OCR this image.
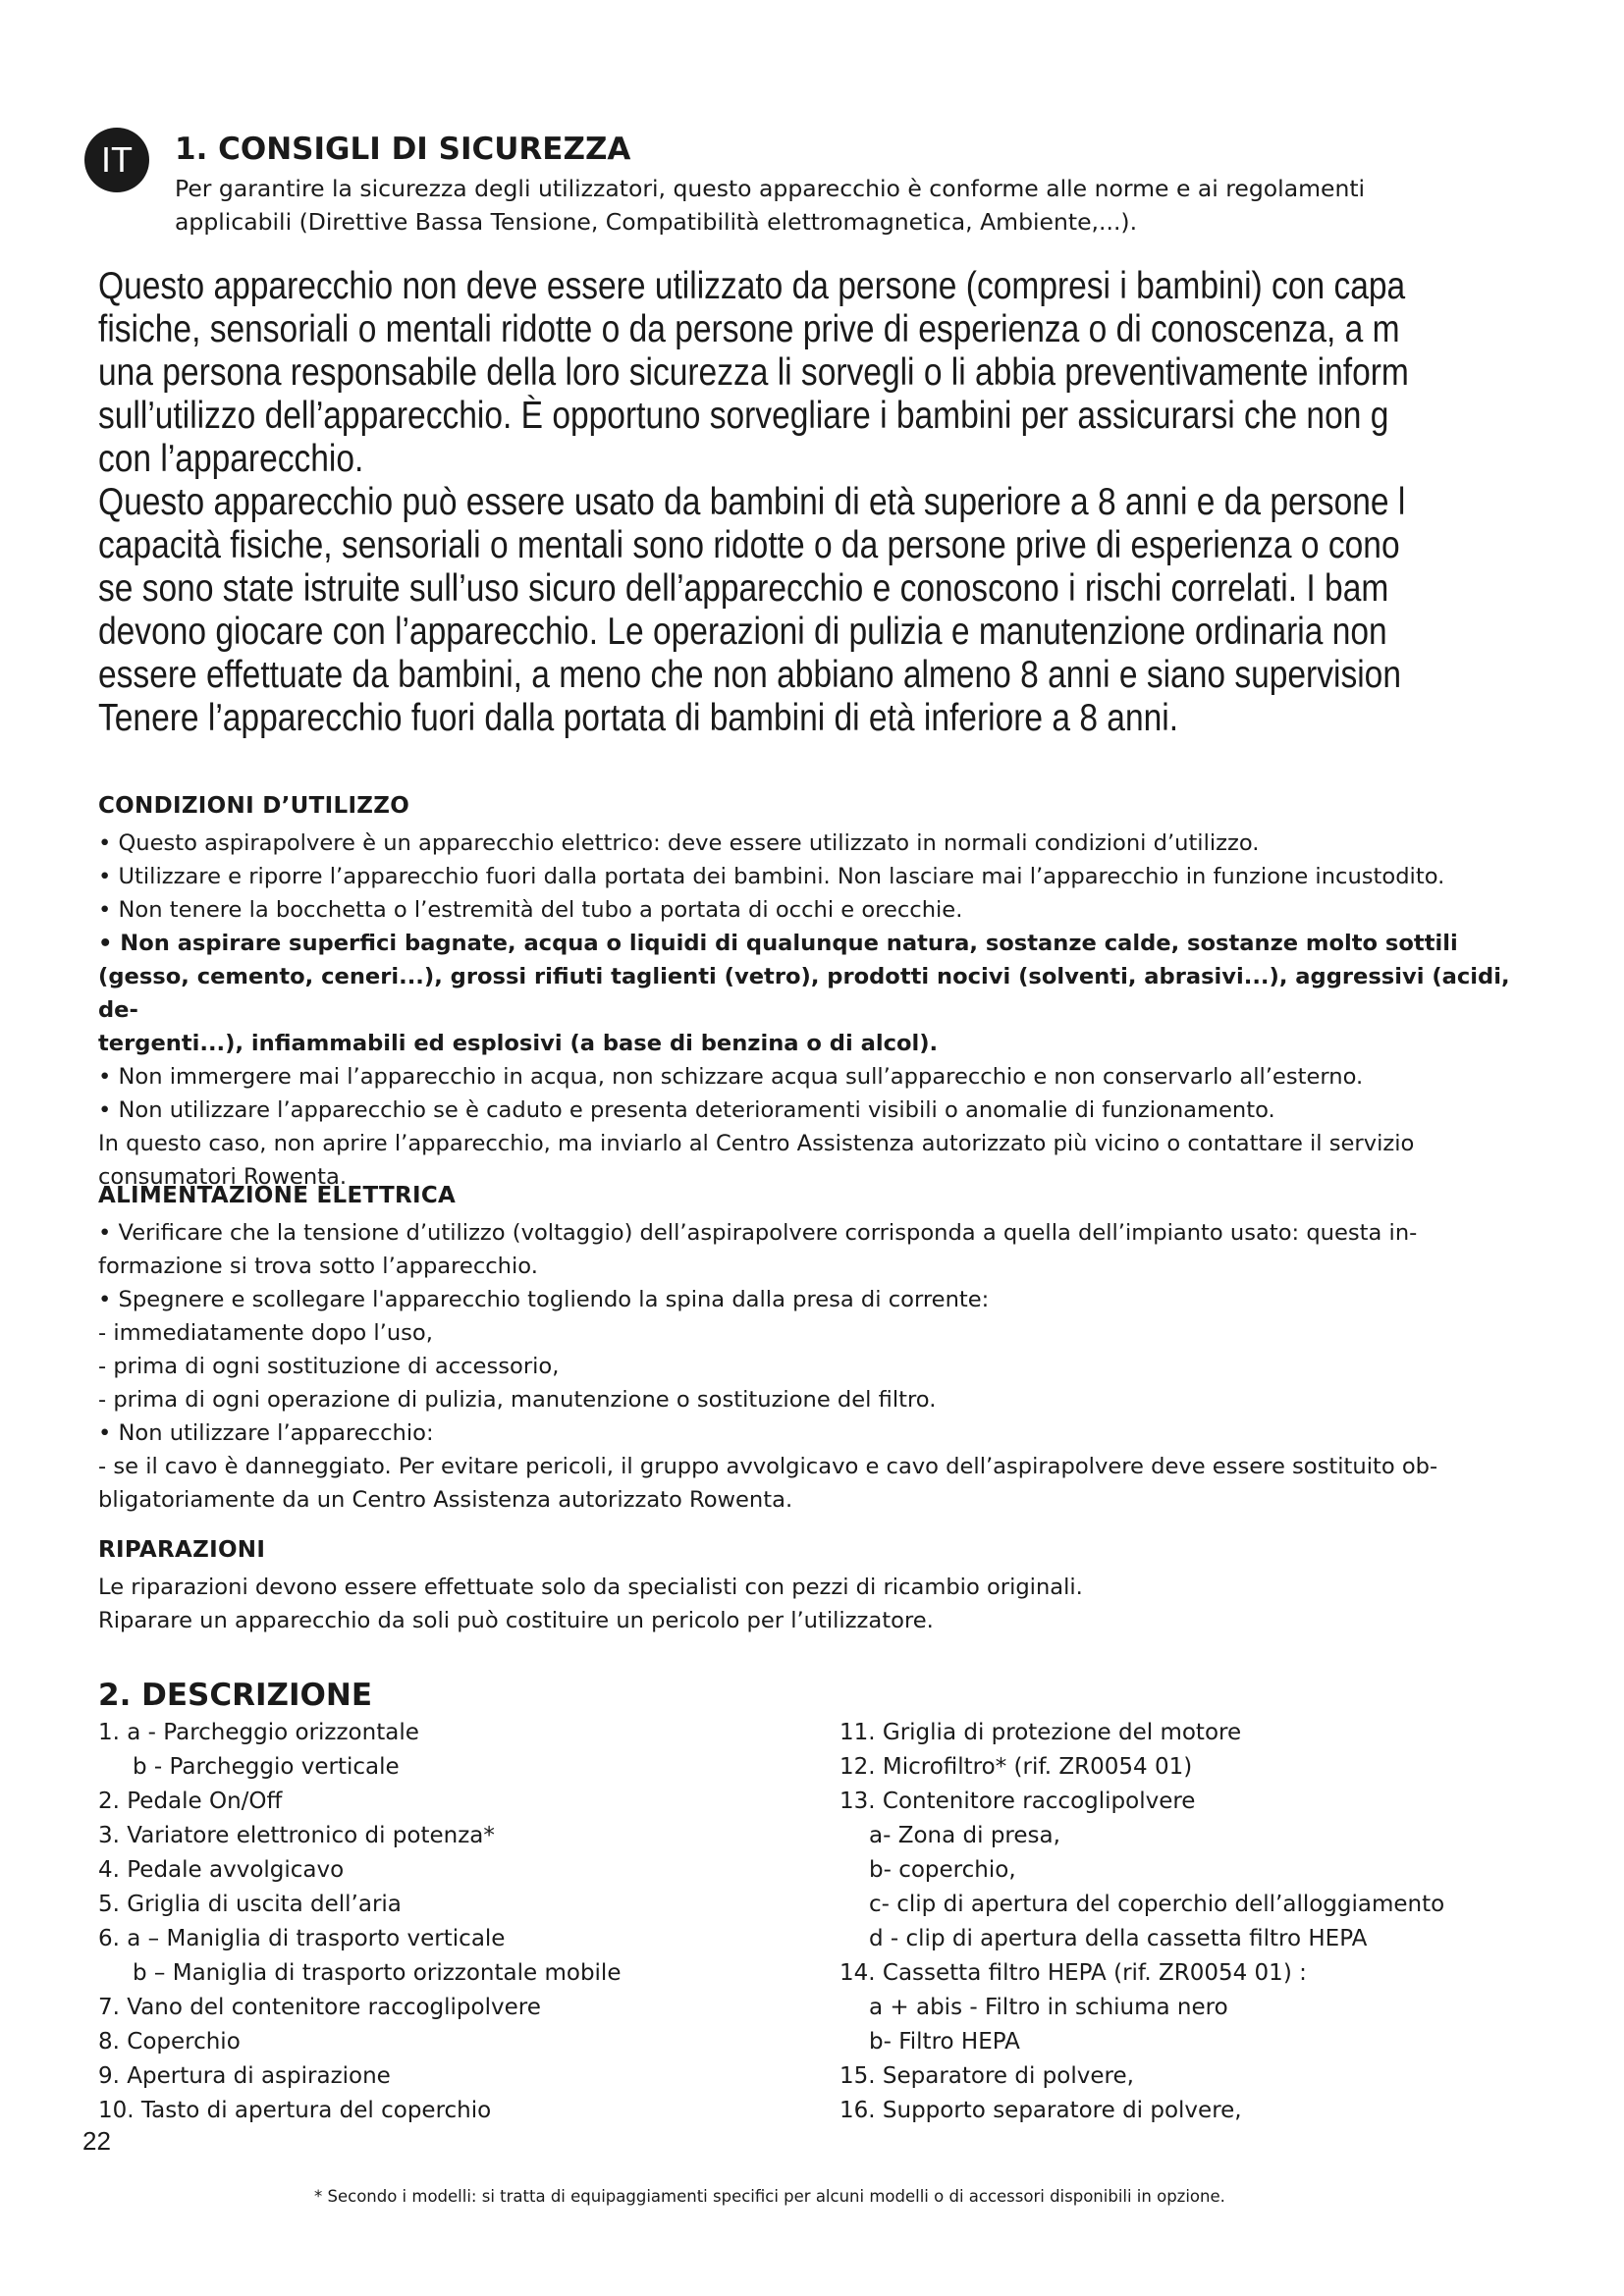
IT	1. CONSIGLI DI SICUREZZA
Per garantire la sicurezza degli utilizzatori, questo apparecchio è conforme alle norme e ai regolamenti
applicabili (Direttive Bassa Tensione, Compatibilità elettromagnetica, Ambiente,...).

Questo apparecchio non deve essere utilizzato da persone (compresi i bambini) con capa

fisiche, sensoriali o mentali ridotte o da persone prive di esperienza o di conoscenza, a m

una persona responsabile della loro sicurezza li sorvegli o li abbia preventivamente inform

sull’utilizzo dell’apparecchio. È opportuno sorvegliare i bambini per assicurarsi che non g

con l’apparecchio.

Questo apparecchio può essere usato da bambini di età superiore a 8 anni e da persone l

capacità fisiche, sensoriali o mentali sono ridotte o da persone prive di esperienza o cono

se sono state istruite sull’uso sicuro dell’apparecchio e conoscono i rischi correlati. I bam

devono giocare con l’apparecchio. Le operazioni di pulizia e manutenzione ordinaria non

essere effettuate da bambini, a meno che non abbiano almeno 8 anni e siano supervision

Tenere l’apparecchio fuori dalla portata di bambini di età inferiore a 8 anni.

CONDIZIONI D’UTILIZZO

• Questo aspirapolvere è un apparecchio elettrico: deve essere utilizzato in normali condizioni d’utilizzo.

• Utilizzare e riporre l’apparecchio fuori dalla portata dei bambini. Non lasciare mai l’apparecchio in funzione incustodito.

• Non tenere la bocchetta o l’estremità del tubo a portata di occhi e orecchie.

• Non aspirare superfici bagnate, acqua o liquidi di qualunque natura, sostanze calde, sostanze molto sottili

(gesso, cemento, ceneri...), grossi rifiuti taglienti (vetro), prodotti nocivi (solventi, abrasivi...), aggressivi (acidi, de-

tergenti...), infiammabili ed esplosivi (a base di benzina o di alcol).

• Non immergere mai l’apparecchio in acqua, non schizzare acqua sull’apparecchio e non conservarlo all’esterno.

• Non utilizzare l’apparecchio se è caduto e presenta deterioramenti visibili o anomalie di funzionamento.

In questo caso, non aprire l’apparecchio, ma inviarlo al Centro Assistenza autorizzato più vicino o contattare il servizio

consumatori Rowenta.

ALIMENTAZIONE ELETTRICA

• Verificare che la tensione d’utilizzo (voltaggio) dell’aspirapolvere corrisponda a quella dell’impianto usato: questa in-

formazione si trova sotto l’apparecchio.

• Spegnere e scollegare l'apparecchio togliendo la spina dalla presa di corrente:

- immediatamente dopo l’uso,

- prima di ogni sostituzione di accessorio,

- prima di ogni operazione di pulizia, manutenzione o sostituzione del filtro.

• Non utilizzare l’apparecchio:

- se il cavo è danneggiato. Per evitare pericoli, il gruppo avvolgicavo e cavo dell’aspirapolvere deve essere sostituito ob-

bligatoriamente da un Centro Assistenza autorizzato Rowenta.

RIPARAZIONI

Le riparazioni devono essere effettuate solo da specialisti con pezzi di ricambio originali.

Riparare un apparecchio da soli può costituire un pericolo per l’utilizzatore.

2. DESCRIZIONE

1. a - Parcheggio orizzontale

b - Parcheggio verticale

2. Pedale On/Off

3. Variatore elettronico di potenza*

4. Pedale avvolgicavo

5. Griglia di uscita dell’aria

6. a – Maniglia di trasporto verticale

b – Maniglia di trasporto orizzontale mobile

7. Vano del contenitore raccoglipolvere

8. Coperchio

9. Apertura di aspirazione

10. Tasto di apertura del coperchio

11. Griglia di protezione del motore

12. Microfiltro* (rif. ZR0054 01)

13. Contenitore raccoglipolvere

a- Zona di presa,

b- coperchio,

c- clip di apertura del coperchio dell’alloggiamento

d - clip di apertura della cassetta filtro HEPA

14. Cassetta filtro HEPA (rif. ZR0054 01) :

a + abis - Filtro in schiuma nero

b- Filtro HEPA

15. Separatore di polvere,

16. Supporto separatore di polvere,

22
* Secondo i modelli: si tratta di equipaggiamenti specifici per alcuni modelli o di accessori disponibili in opzione.
